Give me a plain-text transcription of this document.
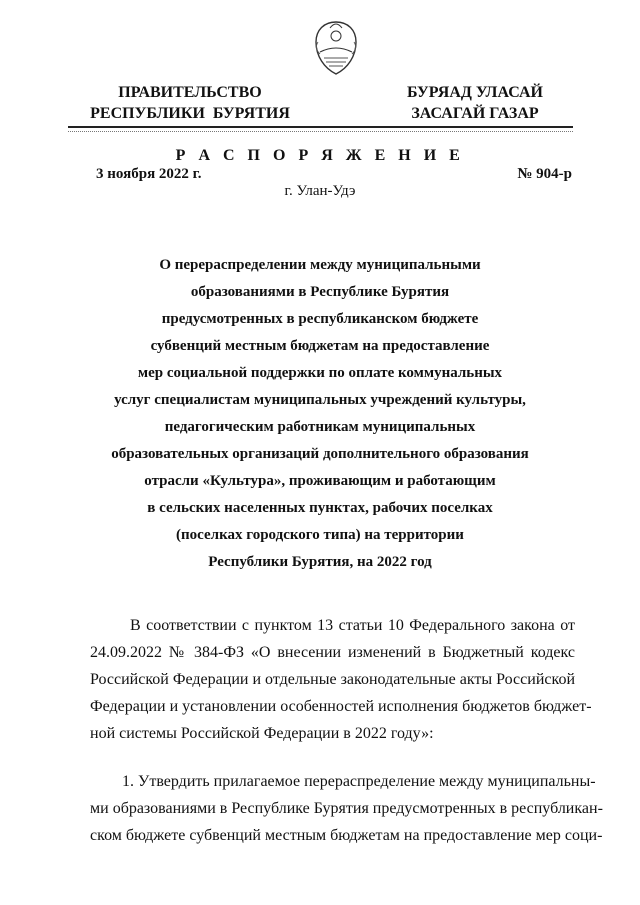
ПРАВИТЕЛЬСТВО
РЕСПУБЛИКИ  БУРЯТИЯ
БУРЯАД УЛАСАЙ
ЗАСАГАЙ ГАЗАР
Р А С П О Р Я Ж Е Н И Е
3 ноября 2022 г.	№ 904-р
г. Улан-Удэ
О перераспределении между муниципальными
образованиями в Республике Бурятия
предусмотренных в республиканском бюджете
субвенций местным бюджетам на предоставление
мер социальной поддержки по оплате коммунальных
услуг специалистам муниципальных учреждений культуры,
педагогическим работникам муниципальных
образовательных организаций дополнительного образования
отрасли «Культура», проживающим и работающим
в сельских населенных пунктах, рабочих поселках
(поселках городского типа) на территории
Республики Бурятия, на 2022 год
В соответствии с пунктом 13 статьи 10 Федерального закона от
24.09.2022 № 384-ФЗ «О внесении изменений в Бюджетный кодекс
Российской Федерации и отдельные законодательные акты Российской
Федерации и установлении особенностей исполнения бюджетов бюджет-
ной системы Российской Федерации в 2022 году»:
1. Утвердить прилагаемое перераспределение между муниципальны-
ми образованиями в Республике Бурятия предусмотренных в республикан-
ском бюджете субвенций местным бюджетам на предоставление мер соци-
